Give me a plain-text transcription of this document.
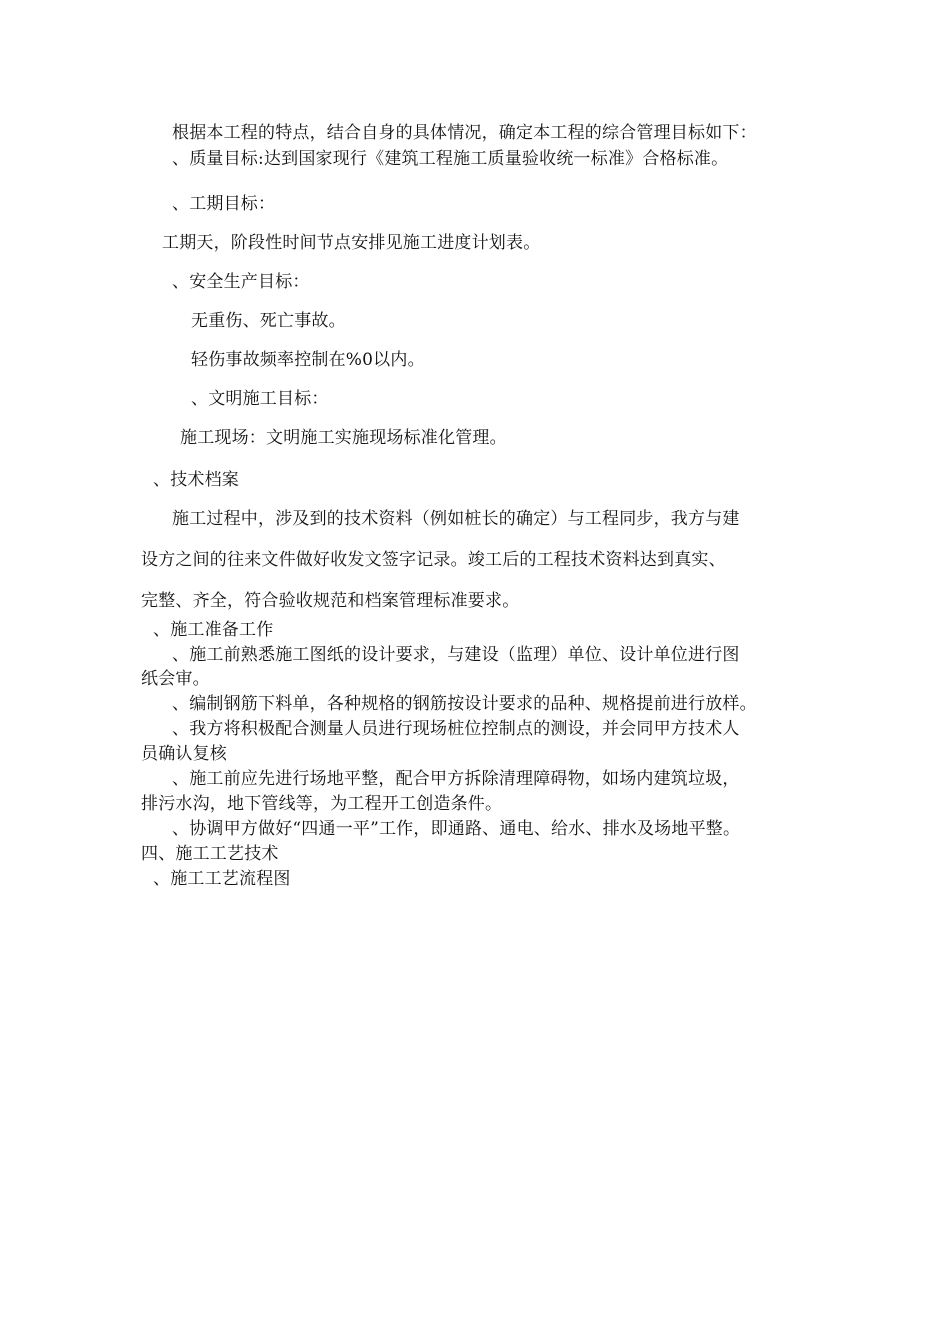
根据本工程的特点，结合自身的具体情况，确定本工程的综合管理目标如下：
、质量目标:达到国家现行《建筑工程施工质量验收统一标准》合格标准。
、工期目标：
工期天，阶段性时间节点安排见施工进度计划表。
、安全生产目标：
无重伤、死亡事故。
轻伤事故频率控制在%0以内。
、文明施工目标：
施工现场：文明施工实施现场标准化管理。
、技术档案
施工过程中，涉及到的技术资料（例如桩长的确定）与工程同步，我方与建
设方之间的往来文件做好收发文签字记录。竣工后的工程技术资料达到真实、
完整、齐全，符合验收规范和档案管理标准要求。
、施工准备工作
、施工前熟悉施工图纸的设计要求，与建设（监理）单位、设计单位进行图
纸会审。
、编制钢筋下料单，各种规格的钢筋按设计要求的品种、规格提前进行放样。
、我方将积极配合测量人员进行现场桩位控制点的测设，并会同甲方技术人
员确认复核
、施工前应先进行场地平整，配合甲方拆除清理障碍物，如场内建筑垃圾，
排污水沟，地下管线等，为工程开工创造条件。
、协调甲方做好“四通一平”工作，即通路、通电、给水、排水及场地平整。
四、施工工艺技术
、施工工艺流程图
